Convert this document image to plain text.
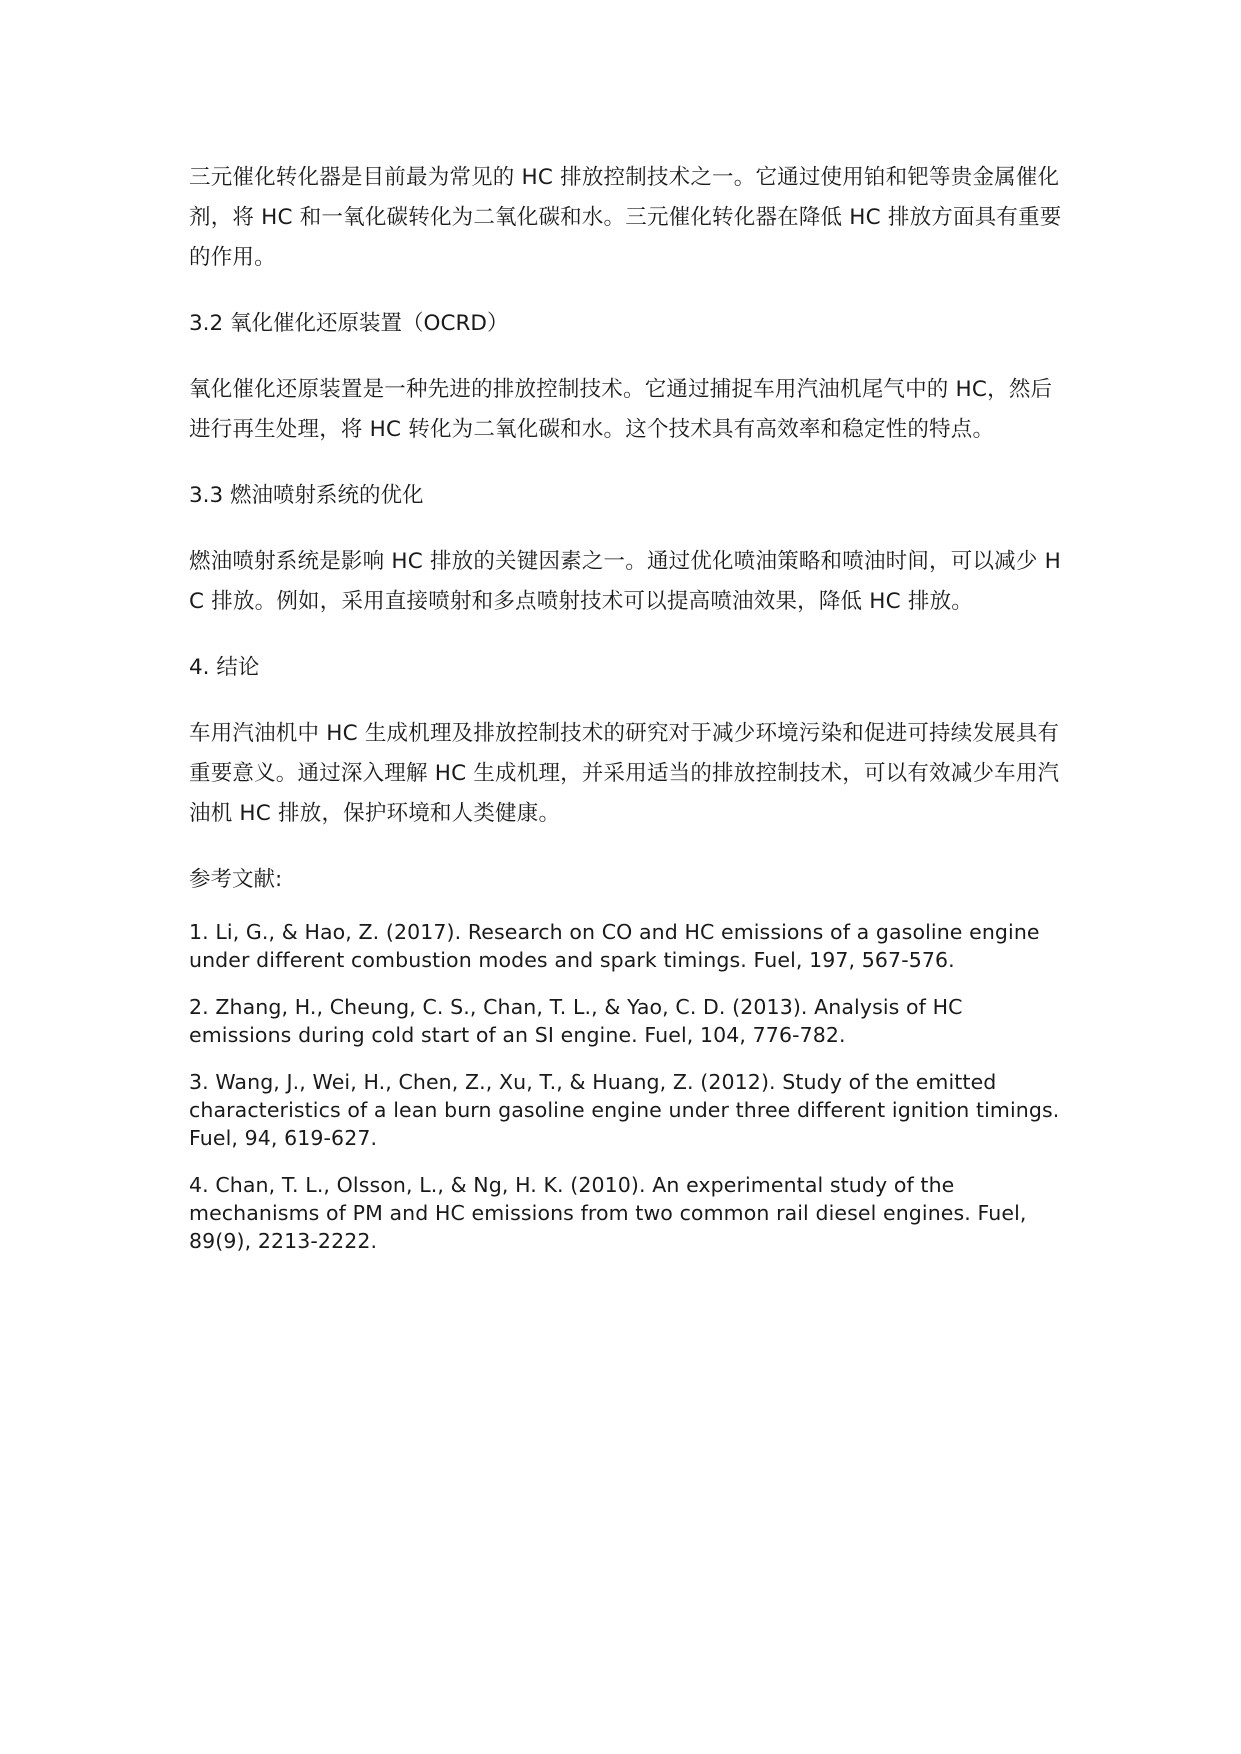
三元催化转化器是目前最为常见的 HC 排放控制技术之一。它通过使用铂和钯等贵金属催化剂，将 HC 和一氧化碳转化为二氧化碳和水。三元催化转化器在降低 HC 排放方面具有重要的作用。

3.2 氧化催化还原装置（OCRD）

氧化催化还原装置是一种先进的排放控制技术。它通过捕捉车用汽油机尾气中的 HC，然后进行再生处理，将 HC 转化为二氧化碳和水。这个技术具有高效率和稳定性的特点。

3.3 燃油喷射系统的优化

燃油喷射系统是影响 HC 排放的关键因素之一。通过优化喷油策略和喷油时间，可以减少 HC 排放。例如，采用直接喷射和多点喷射技术可以提高喷油效果，降低 HC 排放。

4. 结论

车用汽油机中 HC 生成机理及排放控制技术的研究对于减少环境污染和促进可持续发展具有重要意义。通过深入理解 HC 生成机理，并采用适当的排放控制技术，可以有效减少车用汽油机 HC 排放，保护环境和人类健康。

参考文献:

1. Li, G., & Hao, Z. (2017). Research on CO and HC emissions of a gasoline engine under different combustion modes and spark timings. Fuel, 197, 567-576.

2. Zhang, H., Cheung, C. S., Chan, T. L., & Yao, C. D. (2013). Analysis of HC emissions during cold start of an SI engine. Fuel, 104, 776-782.

3. Wang, J., Wei, H., Chen, Z., Xu, T., & Huang, Z. (2012). Study of the emitted characteristics of a lean burn gasoline engine under three different ignition timings. Fuel, 94, 619-627.

4. Chan, T. L., Olsson, L., & Ng, H. K. (2010). An experimental study of the mechanisms of PM and HC emissions from two common rail diesel engines. Fuel, 89(9), 2213-2222.
